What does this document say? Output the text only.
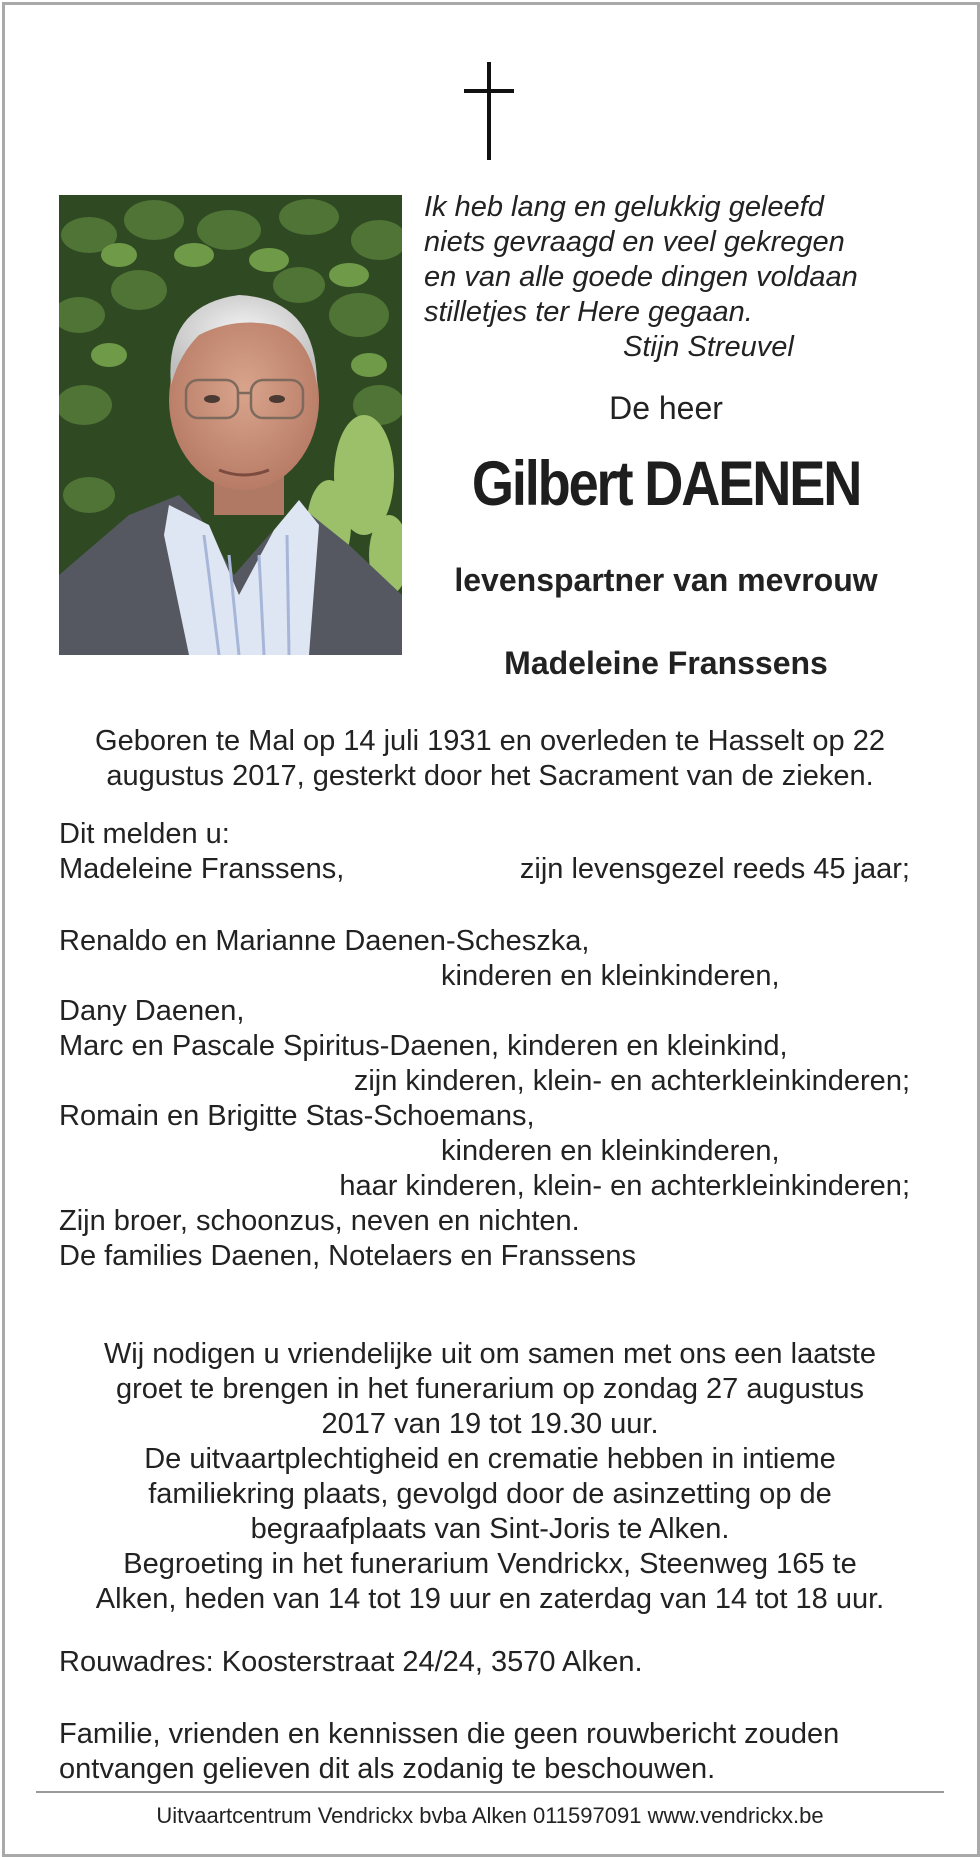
Ik heb lang en gelukkig geleefd
niets gevraagd en veel gekregen
en van alle goede dingen voldaan
stilletjes ter Here gegaan.
Stijn Streuvel
De heer
Gilbert DAENEN
levenspartner van mevrouw
Madeleine Franssens
Geboren te Mal op 14 juli 1931 en overleden te Hasselt op 22
augustus 2017, gesterkt door het Sacrament van de zieken.
Dit melden u:
Madeleine Franssens,	zijn levensgezel reeds 45 jaar;
Renaldo en Marianne Daenen-Scheszka,
kinderen en kleinkinderen,
Dany Daenen,
Marc en Pascale Spiritus-Daenen, kinderen en kleinkind,
zijn kinderen, klein- en achterkleinkinderen;
Romain en Brigitte Stas-Schoemans,
kinderen en kleinkinderen,
haar kinderen, klein- en achterkleinkinderen;
Zijn broer, schoonzus, neven en nichten.
De families Daenen, Notelaers en Franssens
Wij nodigen u vriendelijke uit om samen met ons een laatste
groet te brengen in het funerarium op zondag 27 augustus
2017 van 19 tot 19.30 uur.
De uitvaartplechtigheid en crematie hebben in intieme
familiekring plaats, gevolgd door de asinzetting op de
begraafplaats van Sint-Joris te Alken.
Begroeting in het funerarium Vendrickx, Steenweg 165 te
Alken, heden van 14 tot 19 uur en zaterdag van 14 tot 18 uur.
Rouwadres: Koosterstraat 24/24, 3570 Alken.
Familie, vrienden en kennissen die geen rouwbericht zouden
ontvangen gelieven dit als zodanig te beschouwen.
Uitvaartcentrum Vendrickx bvba Alken 011597091 www.vendrickx.be
